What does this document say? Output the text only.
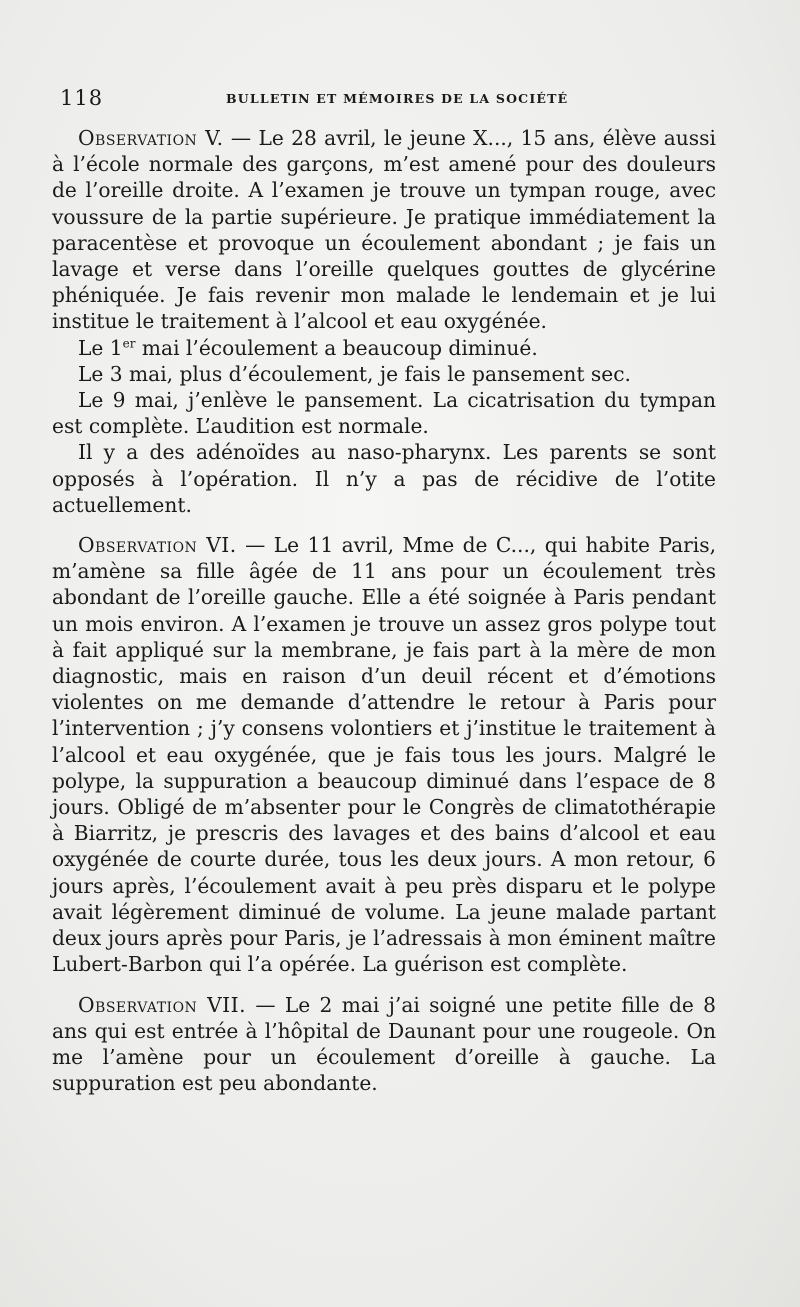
118	BULLETIN ET MÉMOIRES DE LA SOCIÉTÉ

Observation V. — Le 28 avril, le jeune X..., 15 ans, élève aussi à l’école normale des garçons, m’est amené pour des douleurs de l’oreille droite. A l’examen je trouve un tympan rouge, avec voussure de la partie supérieure. Je pratique immédiatement la paracentèse et provoque un écoulement abondant ; je fais un lavage et verse dans l’oreille quelques gouttes de glycérine phéniquée. Je fais revenir mon malade le lendemain et je lui institue le traitement à l’alcool et eau oxygénée.

Le 1er mai l’écoulement a beaucoup diminué.

Le 3 mai, plus d’écoulement, je fais le pansement sec.

Le 9 mai, j’enlève le pansement. La cicatrisation du tympan est complète. L’audition est normale.

Il y a des adénoïdes au naso-pharynx. Les parents se sont opposés à l’opération. Il n’y a pas de récidive de l’otite actuellement.

Observation VI. — Le 11 avril, Mme de C..., qui habite Paris, m’amène sa fille âgée de 11 ans pour un écoulement très abondant de l’oreille gauche. Elle a été soignée à Paris pendant un mois environ. A l’examen je trouve un assez gros polype tout à fait appliqué sur la membrane, je fais part à la mère de mon diagnostic, mais en raison d’un deuil récent et d’émotions violentes on me demande d’attendre le retour à Paris pour l’intervention ; j’y consens volontiers et j’institue le traitement à l’alcool et eau oxygénée, que je fais tous les jours. Malgré le polype, la suppuration a beaucoup diminué dans l’espace de 8 jours. Obligé de m’absenter pour le Congrès de climatothérapie à Biarritz, je prescris des lavages et des bains d’alcool et eau oxygénée de courte durée, tous les deux jours. A mon retour, 6 jours après, l’écoulement avait à peu près disparu et le polype avait légèrement diminué de volume. La jeune malade partant deux jours après pour Paris, je l’adressais à mon éminent maître Lubert-Barbon qui l’a opérée. La guérison est complète.

Observation VII. — Le 2 mai j’ai soigné une petite fille de 8 ans qui est entrée à l’hôpital de Daunant pour une rougeole. On me l’amène pour un écoulement d’oreille à gauche. La suppuration est peu abondante.
